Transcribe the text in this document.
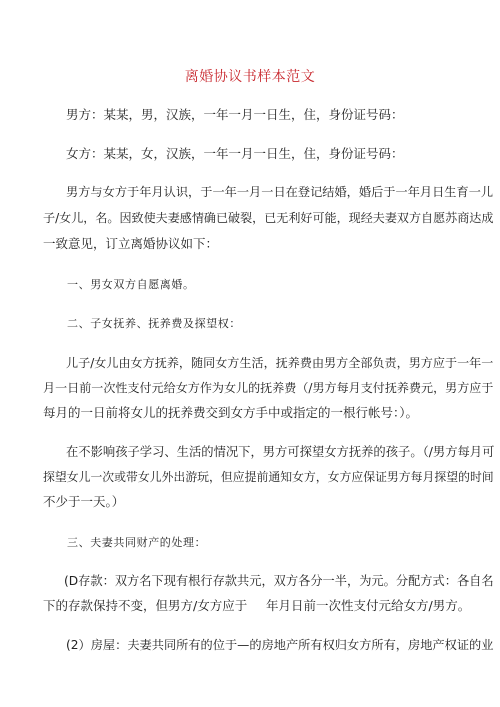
离婚协议书样本范文
男方：某某，男，汉族，一年一月一日生，住，身份证号码：
女方：某某，女，汉族，一年一月一日生，住，身份证号码：
男方与女方于年月认识，于一年一月一日在登记结婚，婚后于一年月日生育一儿
子/女儿，名。因致使夫妻感情确已破裂，已无利好可能，现经夫妻双方自愿苏商达成
一致意见，订立离婚协议如下：
一、男女双方自愿离婚。
二、子女抚养、抚养费及探望权：
儿子/女儿由女方抚养，随同女方生活，抚养费由男方全部负责，男方应于一年一
月一日前一次性支付元给女方作为女儿的抚养费（/男方每月支付抚养费元，男方应于
每月的一日前将女儿的抚养费交到女方手中或指定的一根行帐号：）。
在不影响孩子学习、生活的情况下，男方可探望女方抚养的孩子。（/男方每月可
探望女儿一次或带女儿外出游玩，但应提前通知女方，女方应保证男方每月探望的时间
不少于一天。）
三、夫妻共同财产的处理：
(D存款：双方名下现有根行存款共元，双方各分一半，为元。分配方式：各自名
下的存款保持不变，但男方/女方应于 年月日前一次性支付元给女方/男方。
(2）房屋：夫妻共同所有的位于—的房地产所有权归女方所有，房地产权证的业
